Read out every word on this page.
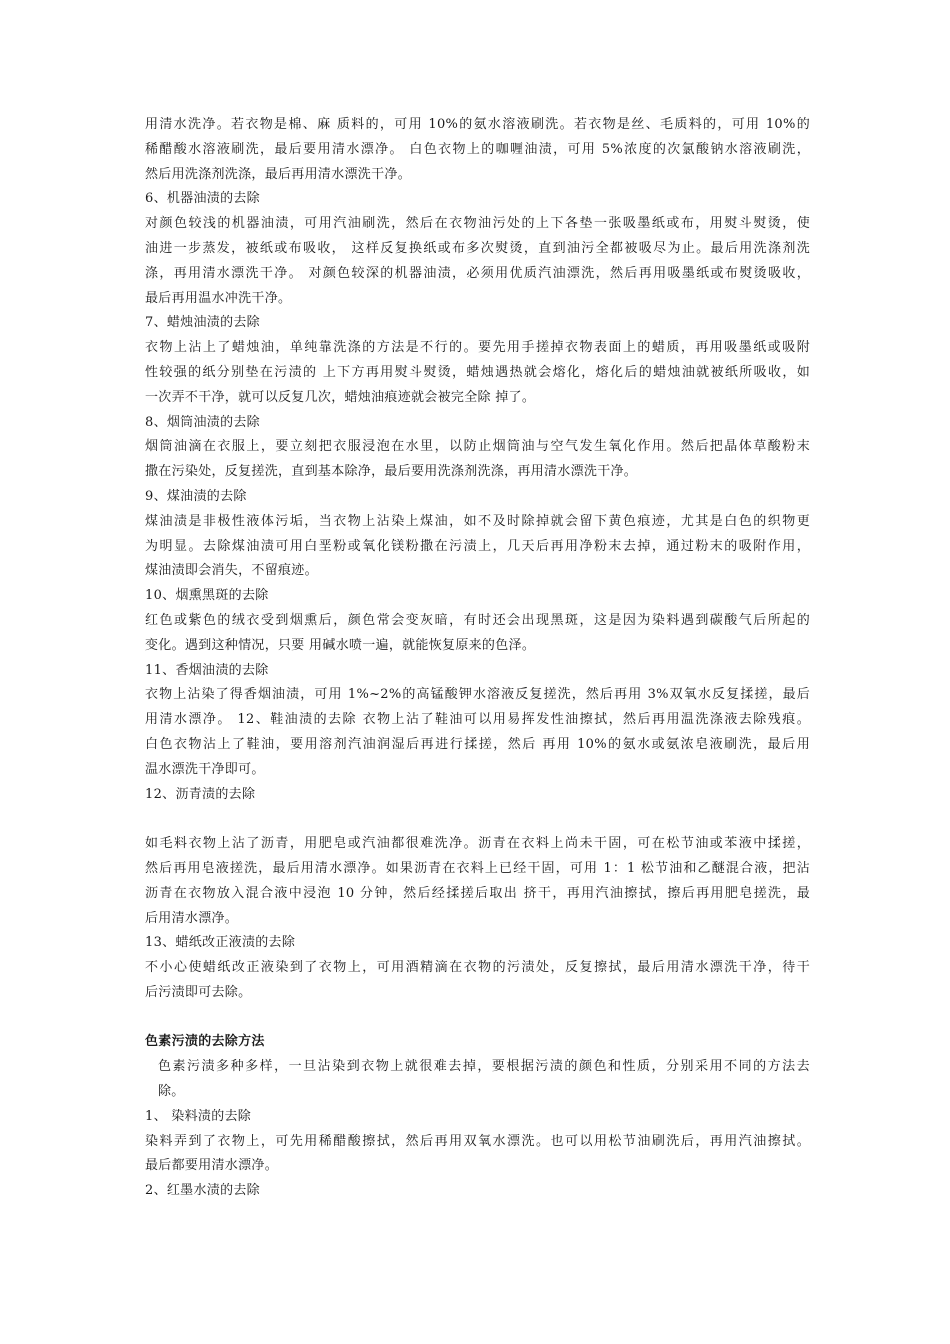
用清水洗净。若衣物是棉、麻 质料的，可用 10%的氨水溶液刷洗。若衣物是丝、毛质料的，可用 10%的
稀醋酸水溶液刷洗，最后要用清水漂净。 白色衣物上的咖喱油渍，可用 5%浓度的次氯酸钠水溶液刷洗，
然后用洗涤剂洗涤，最后再用清水漂洗干净。
6、机器油渍的去除
对颜色较浅的机器油渍，可用汽油刷洗，然后在衣物油污处的上下各垫一张吸墨纸或布，用熨斗熨烫，使
油进一步蒸发，被纸或布吸收， 这样反复换纸或布多次熨烫，直到油污全都被吸尽为止。最后用洗涤剂洗
涤，再用清水漂洗干净。 对颜色较深的机器油渍，必须用优质汽油漂洗，然后再用吸墨纸或布熨烫吸收，
最后再用温水冲洗干净。
7、蜡烛油渍的去除
衣物上沾上了蜡烛油，单纯靠洗涤的方法是不行的。要先用手搓掉衣物表面上的蜡质，再用吸墨纸或吸附
性较强的纸分别垫在污渍的 上下方再用熨斗熨烫，蜡烛遇热就会熔化，熔化后的蜡烛油就被纸所吸收，如
一次弄不干净，就可以反复几次，蜡烛油痕迹就会被完全除 掉了。
8、烟筒油渍的去除
烟筒油滴在衣服上，要立刻把衣服浸泡在水里，以防止烟筒油与空气发生氧化作用。然后把晶体草酸粉末
撒在污染处，反复搓洗，直到基本除净，最后要用洗涤剂洗涤，再用清水漂洗干净。
9、煤油渍的去除
煤油渍是非极性液体污垢，当衣物上沾染上煤油，如不及时除掉就会留下黄色痕迹，尤其是白色的织物更
为明显。去除煤油渍可用白垩粉或氧化镁粉撒在污渍上，几天后再用净粉末去掉，通过粉末的吸附作用，
煤油渍即会消失，不留痕迹。
10、烟熏黑斑的去除
红色或紫色的绒衣受到烟熏后，颜色常会变灰暗，有时还会出现黑斑，这是因为染料遇到碳酸气后所起的
变化。遇到这种情况，只要 用碱水喷一遍，就能恢复原来的色泽。
11、香烟油渍的去除
衣物上沾染了得香烟油渍，可用 1%~2%的高锰酸钾水溶液反复搓洗，然后再用 3%双氧水反复揉搓，最后
用清水漂净。 12、鞋油渍的去除 衣物上沾了鞋油可以用易挥发性油擦拭，然后再用温洗涤液去除残痕。
白色衣物沾上了鞋油，要用溶剂汽油润湿后再进行揉搓，然后 再用 10%的氨水或氨浓皂液刷洗，最后用
温水漂洗干净即可。
12、沥青渍的去除
如毛料衣物上沾了沥青，用肥皂或汽油都很难洗净。沥青在衣料上尚未干固，可在松节油或苯液中揉搓，
然后再用皂液搓洗，最后用清水漂净。如果沥青在衣料上已经干固，可用 1：1 松节油和乙醚混合液，把沾
沥青在衣物放入混合液中浸泡 10 分钟，然后经揉搓后取出 挤干，再用汽油擦拭，擦后再用肥皂搓洗，最
后用清水漂净。
13、蜡纸改正液渍的去除
不小心使蜡纸改正液染到了衣物上，可用酒精滴在衣物的污渍处，反复擦拭，最后用清水漂洗干净，待干
后污渍即可去除。
色素污渍的去除方法
色素污渍多种多样，一旦沾染到衣物上就很难去掉，要根据污渍的颜色和性质，分别采用不同的方法去
除。
1、 染料渍的去除
染料弄到了衣物上，可先用稀醋酸擦拭，然后再用双氧水漂洗。也可以用松节油刷洗后，再用汽油擦拭。
最后都要用清水漂净。
2、红墨水渍的去除
